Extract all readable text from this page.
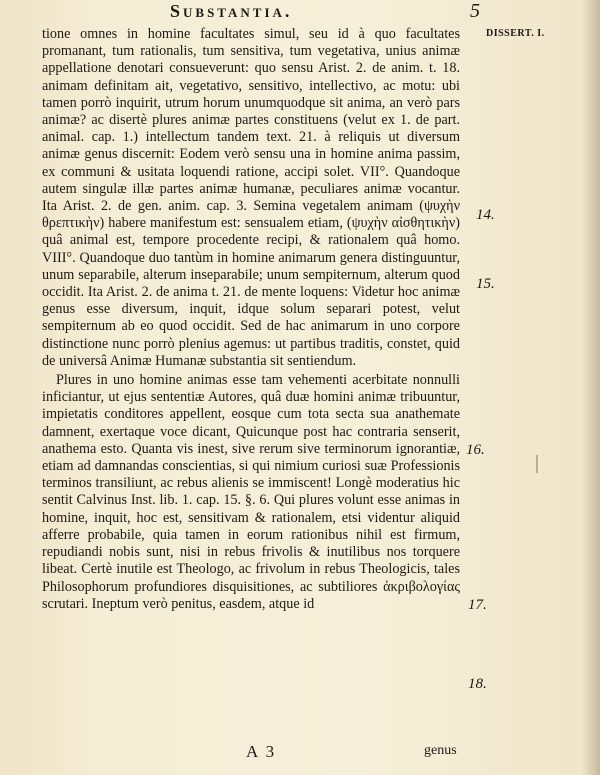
Substantia.	5
DISSERT. I.

tione omnes in homine facultates simul, seu id à quo facultates promanant, tum rationalis, tum sensitiva, tum vegetativa, unius animæ appellatione denotari consueverunt: quo sensu Arist. 2. de anim. t. 18. animam definitam ait, vegetativo, sensitivo, intellectivo, ac motu: ubi tamen porrò inquirit, utrum horum unumquodque sit anima, an verò pars animæ? ac disertè plures animæ partes constituens (velut ex 1. de part. animal. cap. 1.) intellectum tandem text. 21. à reliquis ut diversum animæ genus discernit: Eodem verò sensu una in homine anima passim, ex communi & usitata loquendi ratione, accipi solet. VII°. Quandoque autem singulæ illæ partes animæ humanæ, peculiares animæ vocantur. Ita Arist. 2. de gen. anim. cap. 3. Semina vegetalem animam (ψυχὴν θρεπτικὴν) habere manifestum est: sensualem etiam, (ψυχὴν αἰσθητικὴν) quâ animal est, tempore procedente recipi, & rationalem quâ homo. VIII°. Quandoque duo tantùm in homine animarum genera distinguuntur, unum separabile, alterum inseparabile; unum sempiternum, alterum quod occidit. Ita Arist. 2. de anima t. 21. de mente loquens: Videtur hoc animæ genus esse diversum, inquit, idque solum separari potest, velut sempiternum ab eo quod occidit. Sed de hac animarum in uno corpore distinctione nunc porrò plenius agemus: ut partibus traditis, constet, quid de universâ Animæ Humanæ substantia sit sentiendum.

Plures in uno homine animas esse tam vehementi acerbitate nonnulli inficiantur, ut ejus sententiæ Autores, quâ duæ homini animæ tribuuntur, impietatis conditores appellent, eosque cum tota secta sua anathemate damnent, exertaque voce dicant, Quicunque post hac contraria senserit, anathema esto. Quanta vis inest, sive rerum sive terminorum ignorantiæ, etiam ad damnandas conscientias, si qui nimium curiosi suæ Professionis terminos transiliunt, ac rebus alienis se immiscent! Longè moderatius hic sentit Calvinus Inst. lib. 1. cap. 15. §. 6. Qui plures volunt esse animas in homine, inquit, hoc est, sensitivam & rationalem, etsi videntur aliquid afferre probabile, quia tamen in eorum rationibus nihil est firmum, repudiandi nobis sunt, nisi in rebus frivolis & inutilibus nos torquere libeat. Certè inutile est Theologo, ac frivolum in rebus Theologicis, tales Philosophorum profundiores disquisitiones, ac subtiliores ἀκριβολογίας scrutari. Ineptum verò penitus, easdem, atque id

14.
15.
16.
17.
18.
A 3	genus
